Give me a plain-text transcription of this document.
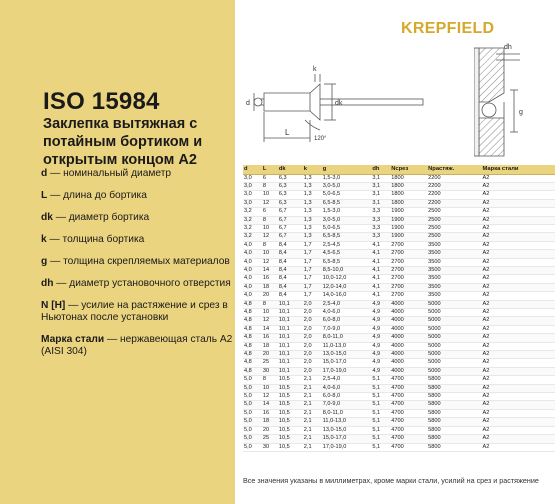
ISO 15984
Заклепка вытяжная с потайным бортиком и открытым концом A2
d — номинальный диаметр
L — длина до бортика
dk — диаметр бортика
k — толщина бортика
g — толщина скрепляемых материалов
dh — диаметр установочного отверстия
N [H] — усилие на растяжение и срез в Ньютонах после установки
Марка стали — нержавеющая сталь A2 (AISI 304)
KREPFIELD
k
dk
d
L
120°
dh
g
d	L	dk	k	g	dh	Nсрез	Nрастяж.	Марка стали
3,0	6	6,3	1,3	1,5-3,0	3,1	1800	2200	A2
3,0	8	6,3	1,3	3,0-5,0	3,1	1800	2200	A2
3,0	10	6,3	1,3	5,0-6,5	3,1	1800	2200	A2
3,0	12	6,3	1,3	6,5-8,5	3,1	1800	2200	A2
3,2	6	6,7	1,3	1,5-3,0	3,3	1900	2500	A2
3,2	8	6,7	1,3	3,0-5,0	3,3	1900	2500	A2
3,2	10	6,7	1,3	5,0-6,5	3,3	1900	2500	A2
3,2	12	6,7	1,3	6,5-8,5	3,3	1900	2500	A2
4,0	8	8,4	1,7	2,5-4,5	4,1	2700	3500	A2
4,0	10	8,4	1,7	4,5-6,5	4,1	2700	3500	A2
4,0	12	8,4	1,7	6,5-8,5	4,1	2700	3500	A2
4,0	14	8,4	1,7	8,5-10,0	4,1	2700	3500	A2
4,0	16	8,4	1,7	10,0-12,0	4,1	2700	3500	A2
4,0	18	8,4	1,7	12,0-14,0	4,1	2700	3500	A2
4,0	20	8,4	1,7	14,0-16,0	4,1	2700	3500	A2
4,8	8	10,1	2,0	2,5-4,0	4,9	4000	5000	A2
4,8	10	10,1	2,0	4,0-6,0	4,9	4000	5000	A2
4,8	12	10,1	2,0	6,0-8,0	4,9	4000	5000	A2
4,8	14	10,1	2,0	7,0-9,0	4,9	4000	5000	A2
4,8	16	10,1	2,0	8,0-11,0	4,9	4000	5000	A2
4,8	18	10,1	2,0	11,0-13,0	4,9	4000	5000	A2
4,8	20	10,1	2,0	13,0-15,0	4,9	4000	5000	A2
4,8	25	10,1	2,0	15,0-17,0	4,9	4000	5000	A2
4,8	30	10,1	2,0	17,0-19,0	4,9	4000	5000	A2
5,0	8	10,5	2,1	2,5-4,0	5,1	4700	5800	A2
5,0	10	10,5	2,1	4,0-6,0	5,1	4700	5800	A2
5,0	12	10,5	2,1	6,0-8,0	5,1	4700	5800	A2
5,0	14	10,5	2,1	7,0-9,0	5,1	4700	5800	A2
5,0	16	10,5	2,1	8,0-11,0	5,1	4700	5800	A2
5,0	18	10,5	2,1	11,0-13,0	5,1	4700	5800	A2
5,0	20	10,5	2,1	13,0-15,0	5,1	4700	5800	A2
5,0	25	10,5	2,1	15,0-17,0	5,1	4700	5800	A2
5,0	30	10,5	2,1	17,0-19,0	5,1	4700	5800	A2
Все значения указаны в миллиметрах, кроме марки стали, усилий на срез и растяжение
